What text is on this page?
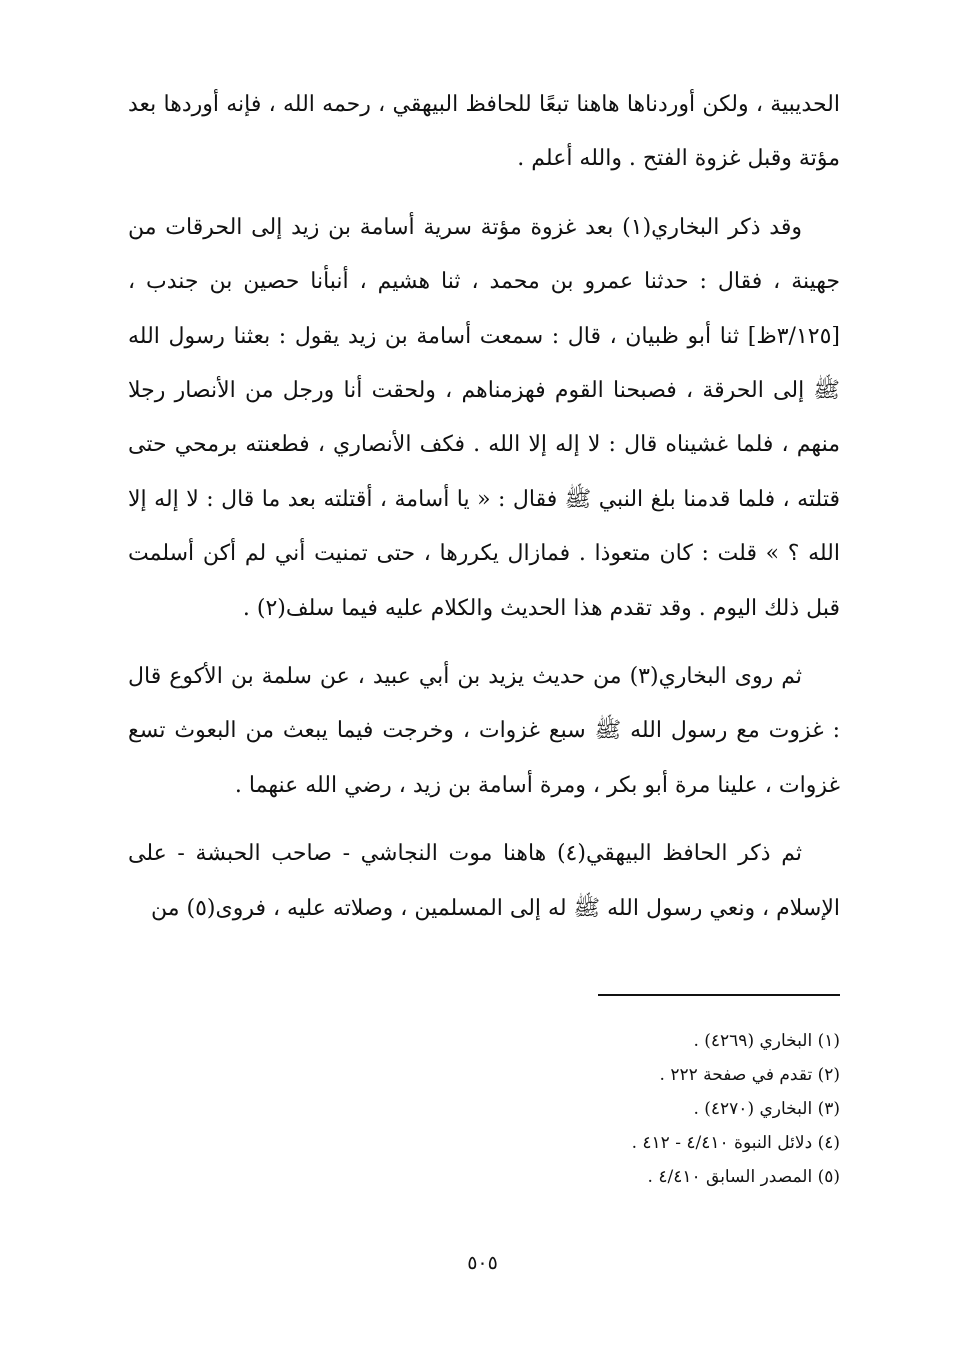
الحديبية ، ولكن أوردناها هاهنا تبعًا للحافظ البيهقي ، رحمه الله ، فإنه أوردها بعد مؤتة وقبل غزوة الفتح . والله أعلم .

وقد ذكر البخاري(١) بعد غزوة مؤتة سرية أسامة بن زيد إلى الحرقات من جهينة ، فقال : حدثنا عمرو بن محمد ، ثنا هشيم ، أنبأنا حصين بن جندب ، [٣/١٢٥ظ] ثنا أبو ظبيان ، قال : سمعت أسامة بن زيد يقول : بعثنا رسول الله ﷺ إلى الحرقة ، فصبحنا القوم فهزمناهم ، ولحقت أنا ورجل من الأنصار رجلا منهم ، فلما غشيناه قال : لا إله إلا الله . فكف الأنصاري ، فطعنته برمحي حتى قتلته ، فلما قدمنا بلغ النبي ﷺ فقال : « يا أسامة ، أقتلته بعد ما قال : لا إله إلا الله ؟ » قلت : كان متعوذا . فمازال يكررها ، حتى تمنيت أني لم أكن أسلمت قبل ذلك اليوم . وقد تقدم هذا الحديث والكلام عليه فيما سلف(٢) .

ثم روى البخاري(٣) من حديث يزيد بن أبي عبيد ، عن سلمة بن الأكوع قال : غزوت مع رسول الله ﷺ سبع غزوات ، وخرجت فيما يبعث من البعوث تسع غزوات ، علينا مرة أبو بكر ، ومرة أسامة بن زيد ، رضي الله عنهما .

ثم ذكر الحافظ البيهقي(٤) هاهنا موت النجاشي - صاحب الحبشة - على الإسلام ، ونعي رسول الله ﷺ له إلى المسلمين ، وصلاته عليه ، فروى(٥) من

(١) البخاري (٤٢٦٩) .
(٢) تقدم في صفحة ٢٢٢ .
(٣) البخاري (٤٢٧٠) .
(٤) دلائل النبوة ٤/٤١٠ - ٤١٢ .
(٥) المصدر السابق ٤/٤١٠ .
٥٠٥
